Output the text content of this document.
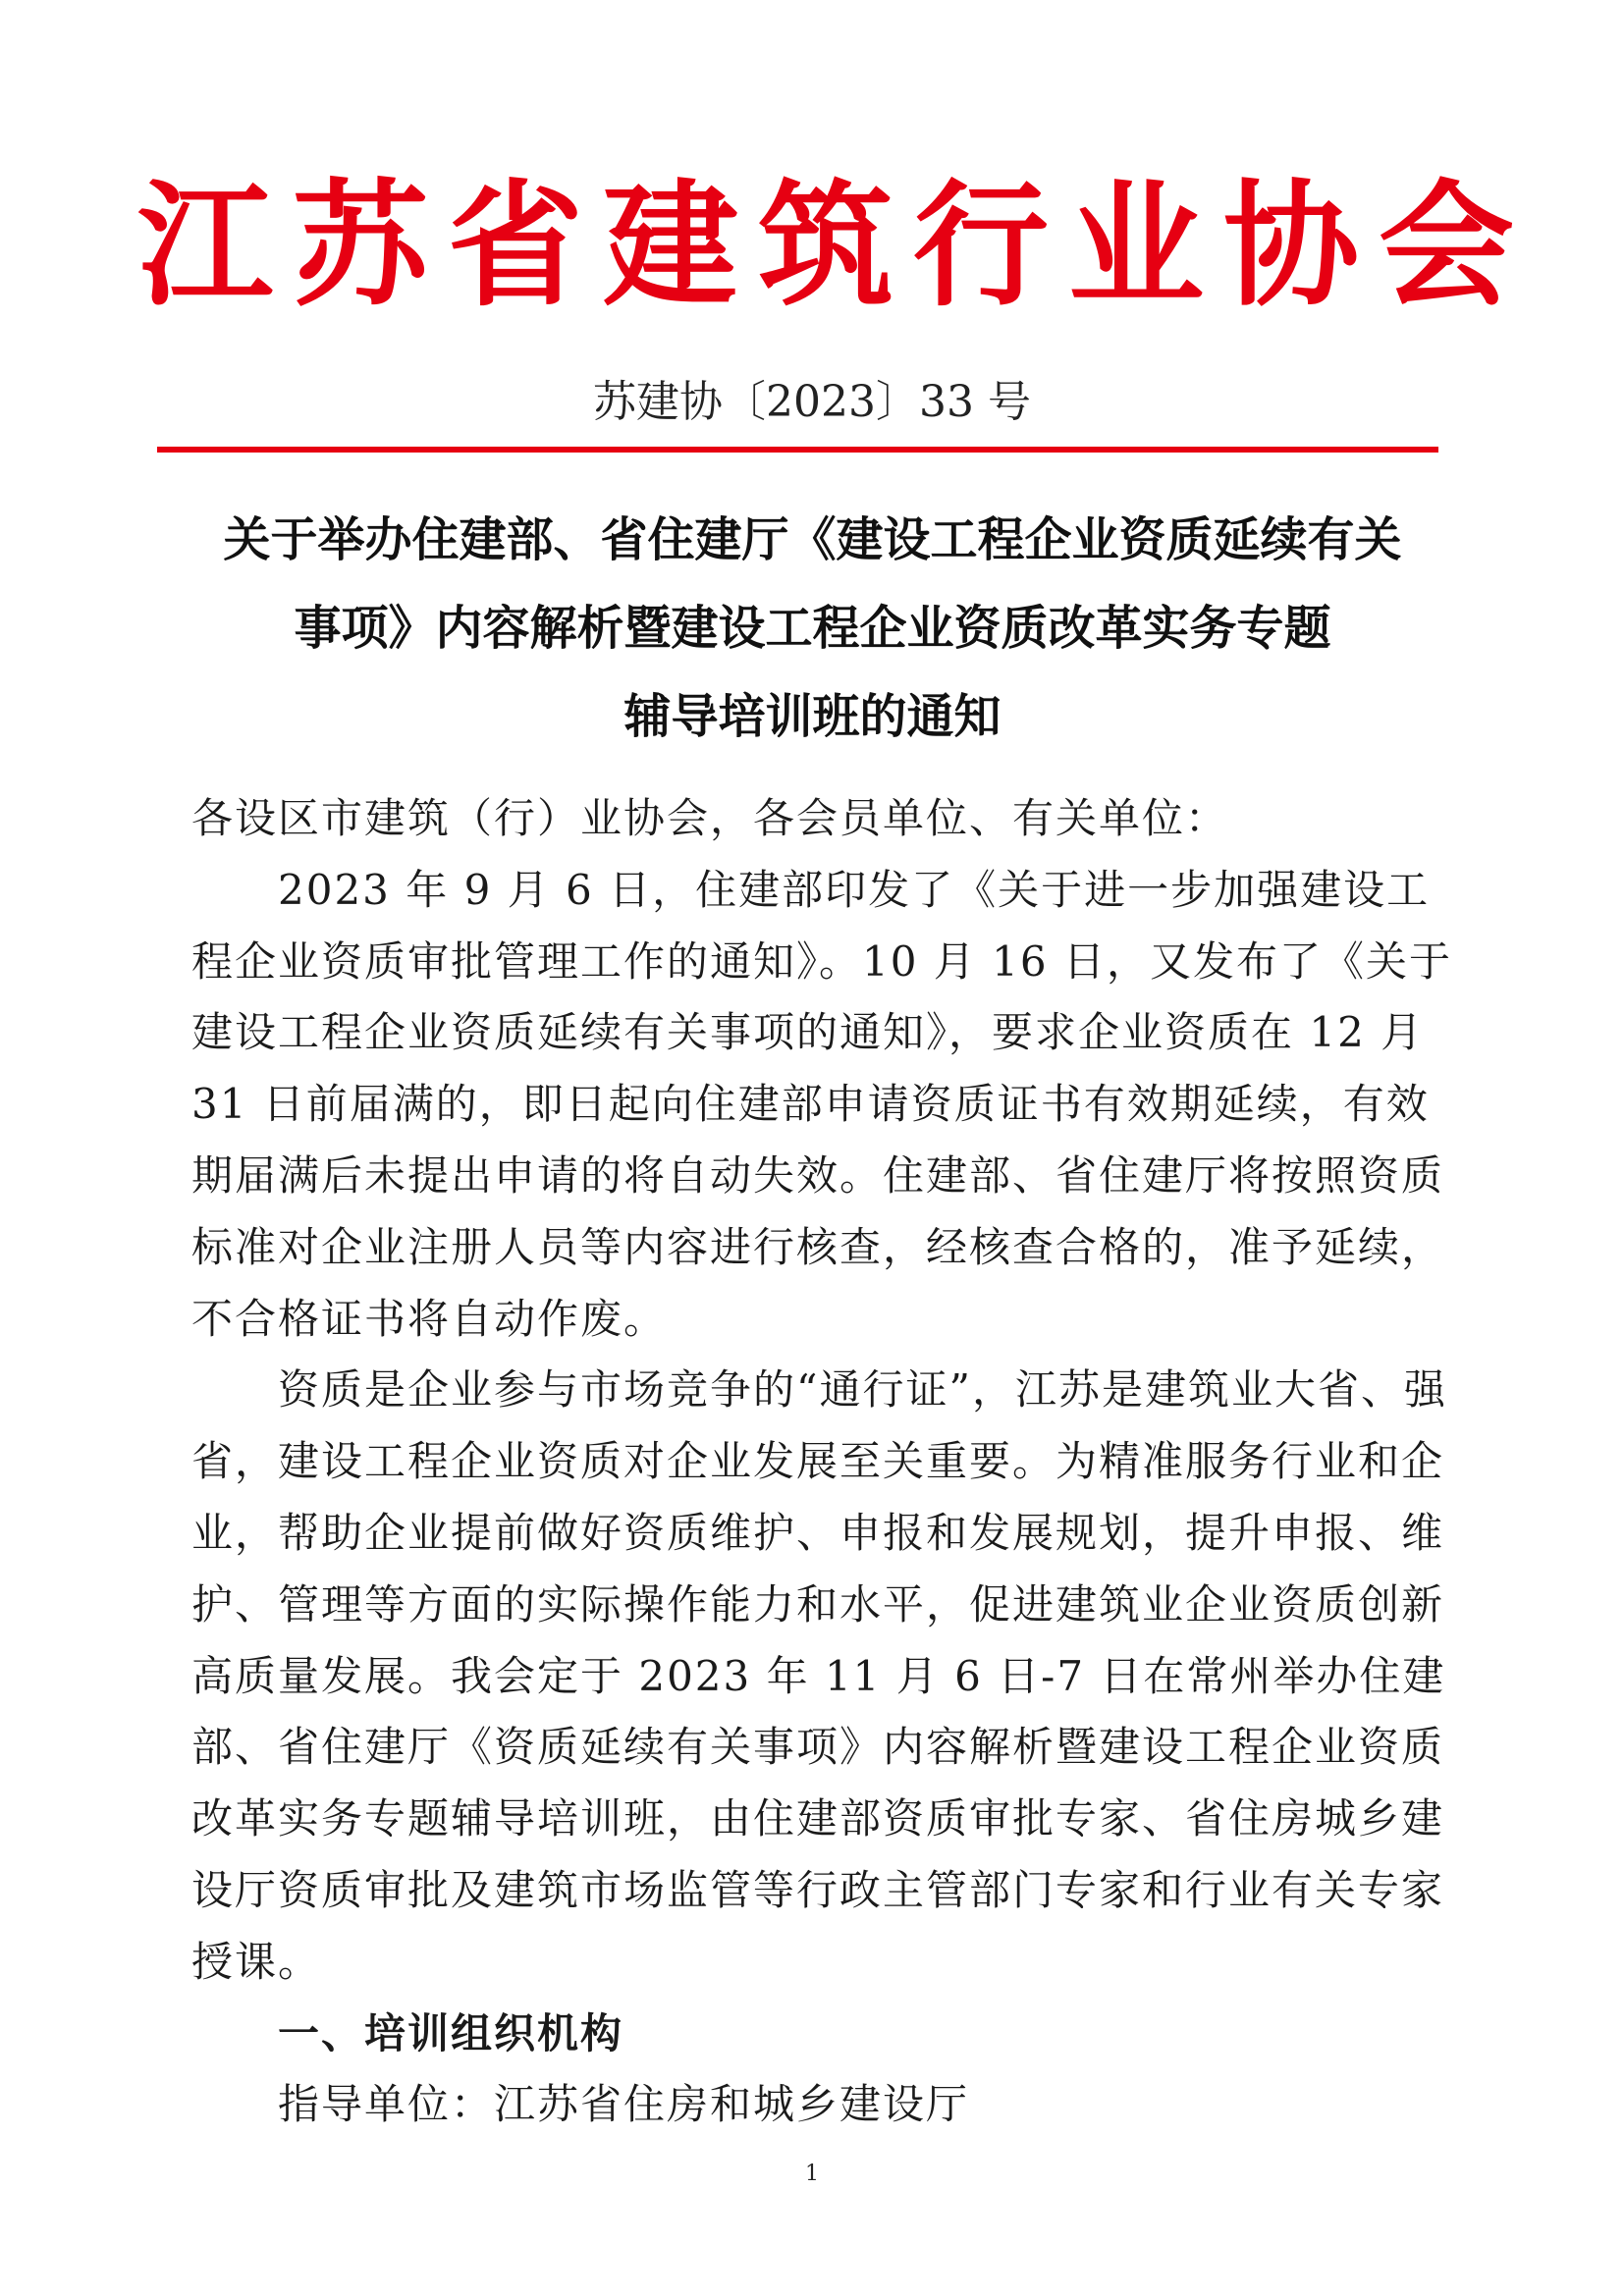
江苏省建筑行业协会
苏建协〔2023〕33 号
关于举办住建部、省住建厅《建设工程企业资质延续有关
事项》内容解析暨建设工程企业资质改革实务专题
辅导培训班的通知

各设区市建筑（行）业协会，各会员单位、有关单位：

2023 年 9 月 6 日，住建部印发了《关于进一步加强建设工程企业资质审批管理工作的通知》。10 月 16 日，又发布了《关于建设工程企业资质延续有关事项的通知》，要求企业资质在 12 月 31 日前届满的，即日起向住建部申请资质证书有效期延续，有效期届满后未提出申请的将自动失效。住建部、省住建厅将按照资质标准对企业注册人员等内容进行核查，经核查合格的，准予延续，不合格证书将自动作废。

资质是企业参与市场竞争的“通行证”，江苏是建筑业大省、强省，建设工程企业资质对企业发展至关重要。为精准服务行业和企业，帮助企业提前做好资质维护、申报和发展规划，提升申报、维护、管理等方面的实际操作能力和水平，促进建筑业企业资质创新高质量发展。我会定于 2023 年 11 月 6 日-7 日在常州举办住建部、省住建厅《资质延续有关事项》内容解析暨建设工程企业资质改革实务专题辅导培训班，由住建部资质审批专家、省住房城乡建设厅资质审批及建筑市场监管等行政主管部门专家和行业有关专家授课。

一、培训组织机构

指导单位：江苏省住房和城乡建设厅

1
